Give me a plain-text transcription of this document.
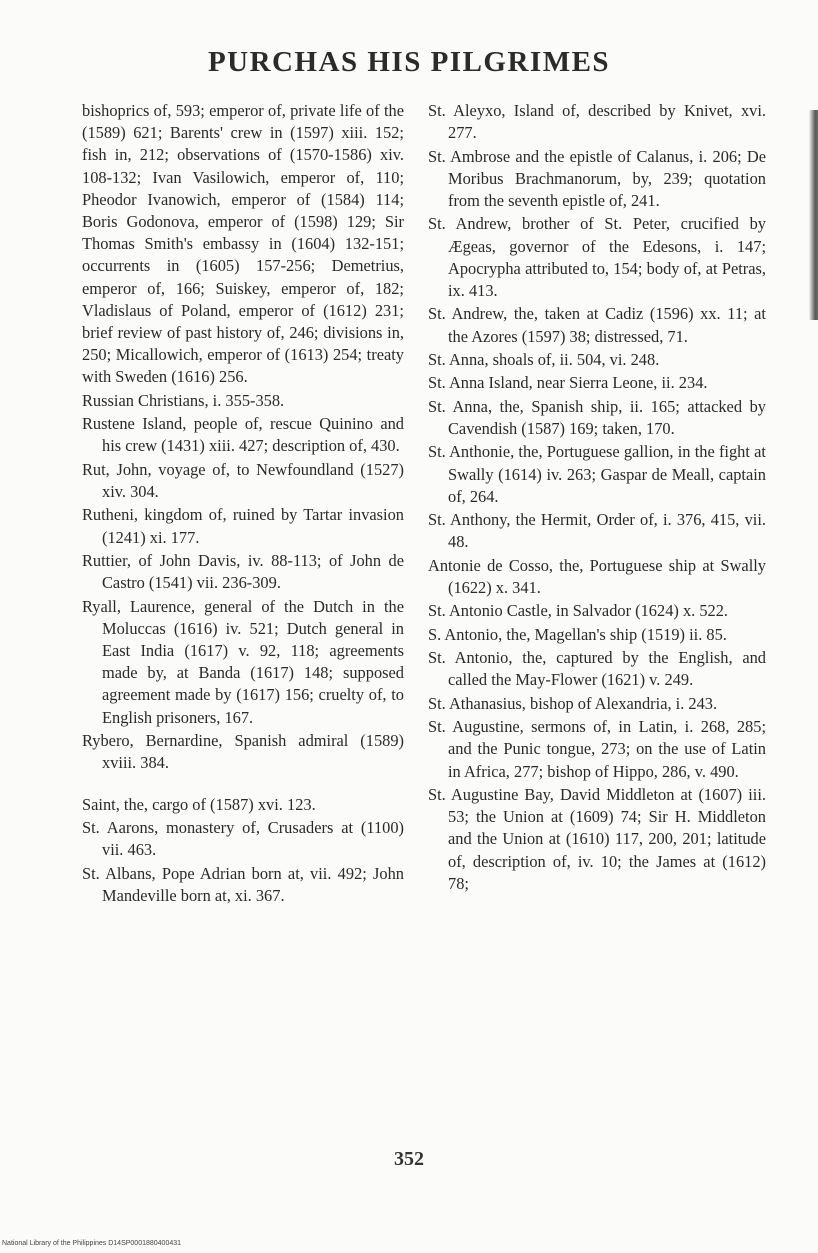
PURCHAS HIS PILGRIMES

bishoprics of, 593; emperor of, private life of the (1589) 621; Barents' crew in (1597) xiii. 152; fish in, 212; observations of (1570-1586) xiv. 108-132; Ivan Vasilowich, emperor of, 110; Pheodor Ivanowich, emperor of (1584) 114; Boris Godonova, emperor of (1598) 129; Sir Thomas Smith's embassy in (1604) 132-151; occurrents in (1605) 157-256; Demetrius, emperor of, 166; Suiskey, emperor of, 182; Vladislaus of Poland, emperor of (1612) 231; brief review of past history of, 246; divisions in, 250; Micallowich, emperor of (1613) 254; treaty with Sweden (1616) 256.

Russian Christians, i. 355-358.

Rustene Island, people of, rescue Quinino and his crew (1431) xiii. 427; description of, 430.

Rut, John, voyage of, to Newfoundland (1527) xiv. 304.

Rutheni, kingdom of, ruined by Tartar invasion (1241) xi. 177.

Ruttier, of John Davis, iv. 88-113; of John de Castro (1541) vii. 236-309.

Ryall, Laurence, general of the Dutch in the Moluccas (1616) iv. 521; Dutch general in East India (1617) v. 92, 118; agreements made by, at Banda (1617) 148; supposed agreement made by (1617) 156; cruelty of, to English prisoners, 167.

Rybero, Bernardine, Spanish admiral (1589) xviii. 384.

Saint, the, cargo of (1587) xvi. 123.

St. Aarons, monastery of, Crusaders at (1100) vii. 463.

St. Albans, Pope Adrian born at, vii. 492; John Mandeville born at, xi. 367.

St. Aleyxo, Island of, described by Knivet, xvi. 277.

St. Ambrose and the epistle of Calanus, i. 206; De Moribus Brachmanorum, by, 239; quotation from the seventh epistle of, 241.

St. Andrew, brother of St. Peter, crucified by Ægeas, governor of the Edesons, i. 147; Apocrypha attributed to, 154; body of, at Petras, ix. 413.

St. Andrew, the, taken at Cadiz (1596) xx. 11; at the Azores (1597) 38; distressed, 71.

St. Anna, shoals of, ii. 504, vi. 248.

St. Anna Island, near Sierra Leone, ii. 234.

St. Anna, the, Spanish ship, ii. 165; attacked by Cavendish (1587) 169; taken, 170.

St. Anthonie, the, Portuguese gallion, in the fight at Swally (1614) iv. 263; Gaspar de Meall, captain of, 264.

St. Anthony, the Hermit, Order of, i. 376, 415, vii. 48.

Antonie de Cosso, the, Portuguese ship at Swally (1622) x. 341.

St. Antonio Castle, in Salvador (1624) x. 522.

S. Antonio, the, Magellan's ship (1519) ii. 85.

St. Antonio, the, captured by the English, and called the May-Flower (1621) v. 249.

St. Athanasius, bishop of Alexandria, i. 243.

St. Augustine, sermons of, in Latin, i. 268, 285; and the Punic tongue, 273; on the use of Latin in Africa, 277; bishop of Hippo, 286, v. 490.

St. Augustine Bay, David Middleton at (1607) iii. 53; the Union at (1609) 74; Sir H. Middleton and the Union at (1610) 117, 200, 201; latitude of, description of, iv. 10; the James at (1612) 78;

352
National Library of the Philippines D14SP0001880400431
